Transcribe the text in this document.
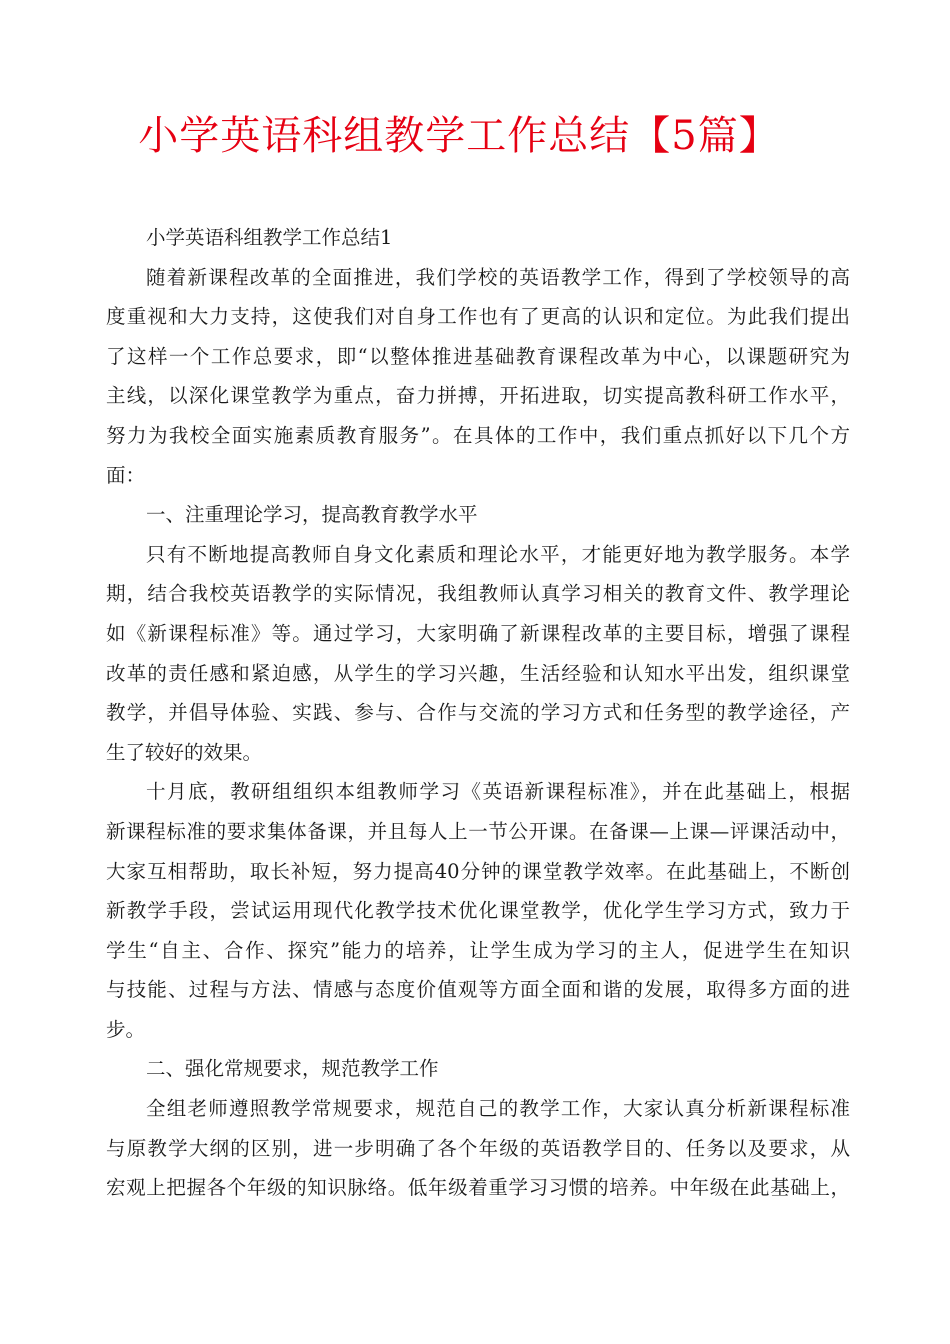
小学英语科组教学工作总结【5篇】

小学英语科组教学工作总结1

随着新课程改革的全面推进，我们学校的英语教学工作，得到了学校领导的高

度重视和大力支持，这使我们对自身工作也有了更高的认识和定位。为此我们提出

了这样一个工作总要求，即“以整体推进基础教育课程改革为中心，以课题研究为

主线，以深化课堂教学为重点，奋力拼搏，开拓进取，切实提高教科研工作水平，

努力为我校全面实施素质教育服务”。在具体的工作中，我们重点抓好以下几个方

面：

一、注重理论学习，提高教育教学水平

只有不断地提高教师自身文化素质和理论水平，才能更好地为教学服务。本学

期，结合我校英语教学的实际情况，我组教师认真学习相关的教育文件、教学理论

如《新课程标准》等。通过学习，大家明确了新课程改革的主要目标，增强了课程

改革的责任感和紧迫感，从学生的学习兴趣，生活经验和认知水平出发，组织课堂

教学，并倡导体验、实践、参与、合作与交流的学习方式和任务型的教学途径，产

生了较好的效果。

十月底，教研组组织本组教师学习《英语新课程标准》，并在此基础上，根据

新课程标准的要求集体备课，并且每人上一节公开课。在备课—上课—评课活动中，

大家互相帮助，取长补短，努力提高40分钟的课堂教学效率。在此基础上，不断创

新教学手段，尝试运用现代化教学技术优化课堂教学，优化学生学习方式，致力于

学生“自主、合作、探究”能力的培养，让学生成为学习的主人，促进学生在知识

与技能、过程与方法、情感与态度价值观等方面全面和谐的发展，取得多方面的进

步。

二、强化常规要求，规范教学工作

全组老师遵照教学常规要求，规范自己的教学工作，大家认真分析新课程标准

与原教学大纲的区别，进一步明确了各个年级的英语教学目的、任务以及要求，从

宏观上把握各个年级的知识脉络。低年级着重学习习惯的培养。中年级在此基础上，
